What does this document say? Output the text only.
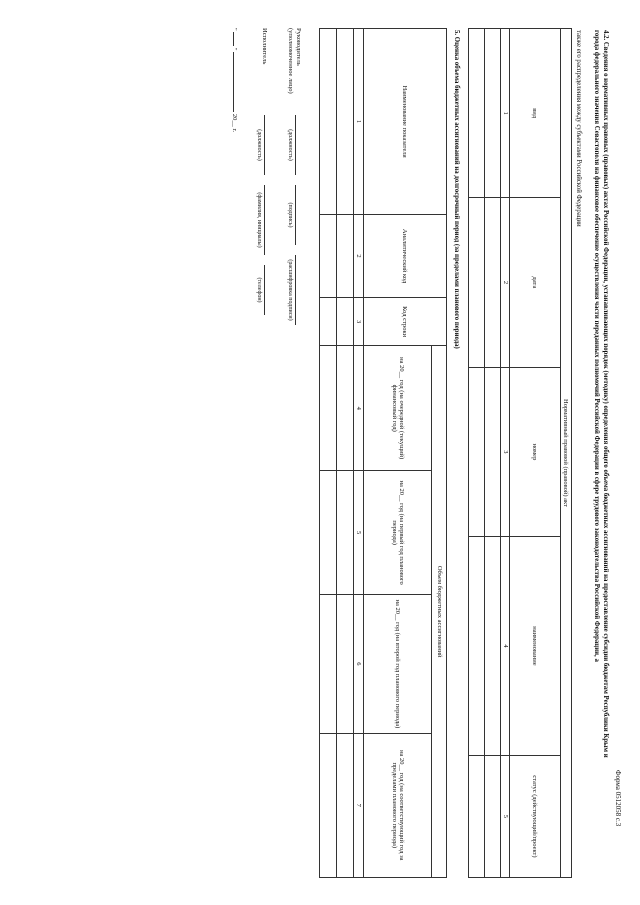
Форма 0512058 с.3
4.2. Сведения о нормативных правовых (правовых) актах Российской Федерации, устанавливающих порядок (методику) определения общего объема бюджетных ассигнований на предоставление субсидии бюджетам Республики Крым и города федерального значения Севастополя на финансовое обеспечение осуществления части переданных полномочий Российской Федерации в сфере трудового законодательства Российской Федерации, а
также его распределения между субъектами Российской Федерации
Нормативный правовой (правовой) акт				
вид	дата	номер	наименование	статус (действующий/проект)
1	2	3	4	5

5. Оценка объема бюджетных ассигнований на долгосрочный период (за пределами планового периода)
Наименование показателя	Аналитический код	Код строки	Объем бюджетных ассигнований			
			на 20__ год (на очередной (текущий) финансовый год)	на 20__ год (на первый год планового периода)	на 20__ год (на второй год планового периода)	на 20__ год (на соответствующий год за пределами планового периода)
1	2	3	4	5	6	7

Руководитель
(уполномоченное лицо)
(должность)
(подпись)
(расшифровка подписи)
Исполнитель
(должность)
(фамилия, инициалы)
(телефон)
"  "  20__ г.
